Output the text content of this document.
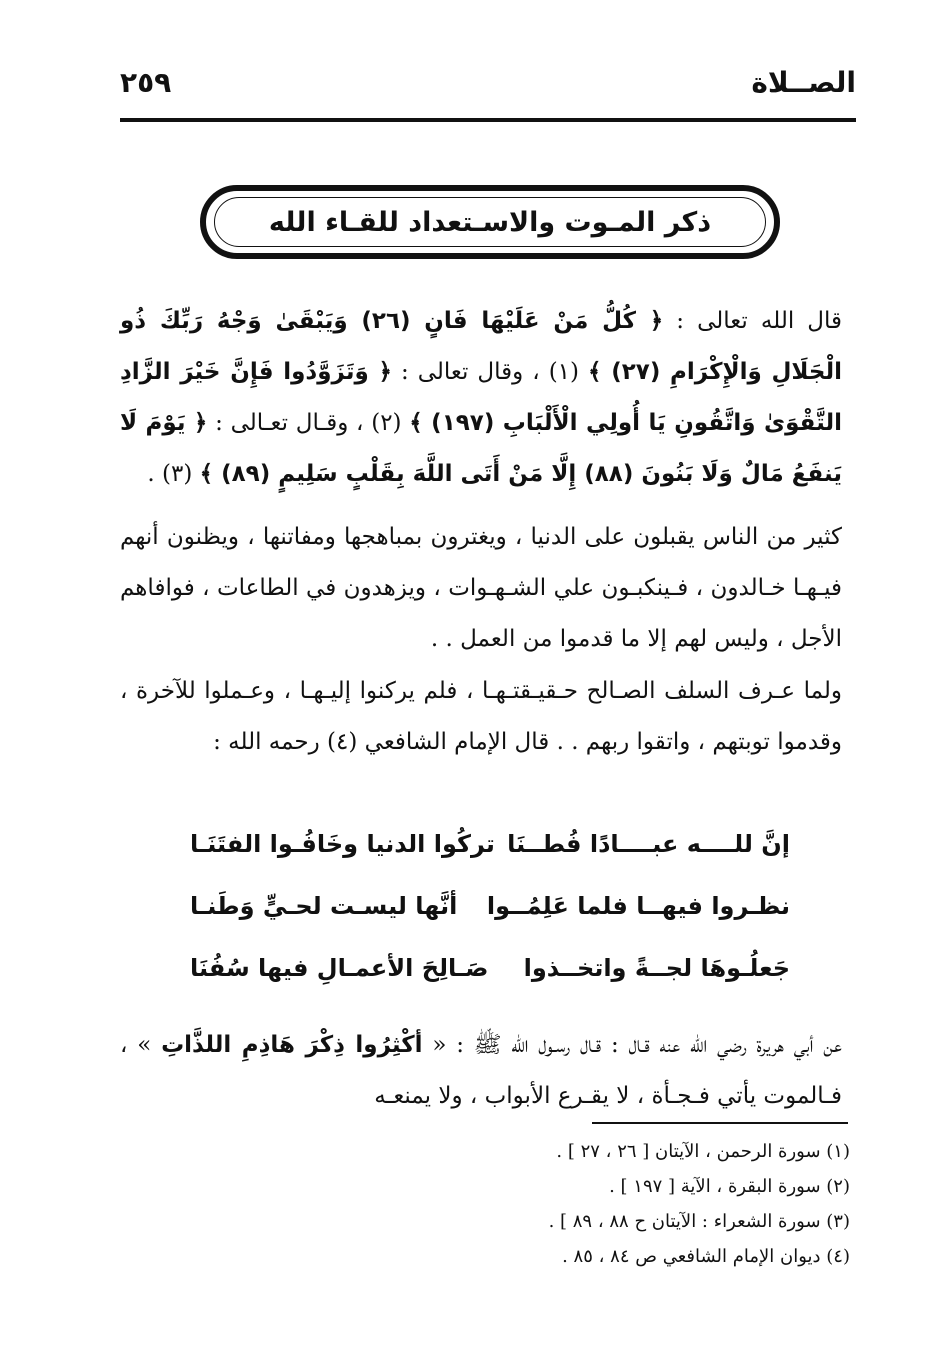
الصــلاة
٢٥٩
ذكر المـوت والاسـتعداد للقـاء الله
قال الله تعالى : ﴿ كُلُّ مَنْ عَلَيْهَا فَانٍ (٢٦) وَيَبْقَىٰ وَجْهُ رَبِّكَ ذُو الْجَلَالِ وَالْإِكْرَامِ (٢٧) ﴾ (١) ، وقال تعالى : ﴿ وَتَزَوَّدُوا فَإِنَّ خَيْرَ الزَّادِ التَّقْوَىٰ وَاتَّقُونِ يَا أُولِي الْأَلْبَابِ (١٩٧) ﴾ (٢) ، وقـال تعـالى : ﴿ يَوْمَ لَا يَنفَعُ مَالٌ وَلَا بَنُونَ (٨٨) إِلَّا مَنْ أَتَى اللَّهَ بِقَلْبٍ سَلِيمٍ (٨٩) ﴾ (٣) .
كثير من الناس يقبلون على الدنيا ، ويغترون بمباهجها ومفاتنها ، ويظنون أنهم فيـهـا خـالدون ، فـينكبـون علي الشـهـوات ، ويزهدون في الطاعات ، فوافاهم الأجل ، وليس لهم إلا ما قدموا من العمل . .
ولما عـرف السلف الصـالح حـقيـقتـهـا ، فلم يركنوا إليـهـا ، وعـملوا للآخرة ، وقدموا توبتهم ، واتقوا ربهم . . قال الإمام الشافعي (٤) رحمه الله :
إنَّ للــــه عبــــادًا فُطــنَا
تركُوا الدنيا وخَافُـوا الفتَنَـا
نظـروا فيهــا فلما عَلِمُــوا
أنَّها ليسـت لحـيٍّ وَطَنـا
جَعلُـوهَا لجــةً واتخــذوا
صَـالِحَ الأعمـالِ فيها سُفُنَا
عن أبي هريرة رضي الله عنه قـال : قـال رسـول الله ﷺ : « أكْثِرُوا ذِكْرَ هَاذِمِ اللذَّاتِ » ، فـالموت يأتي فـجـأة ، لا يقـرع الأبواب ، ولا يمنعـه
(١) سورة الرحمن ، الآيتان [ ٢٦ ، ٢٧ ] .
(٢) سورة البقرة ، الآية [ ١٩٧ ] .
(٣) سورة الشعراء : الآيتان ح ٨٨ ، ٨٩ ] .
(٤) ديوان الإمام الشافعي ص ٨٤ ، ٨٥ .
